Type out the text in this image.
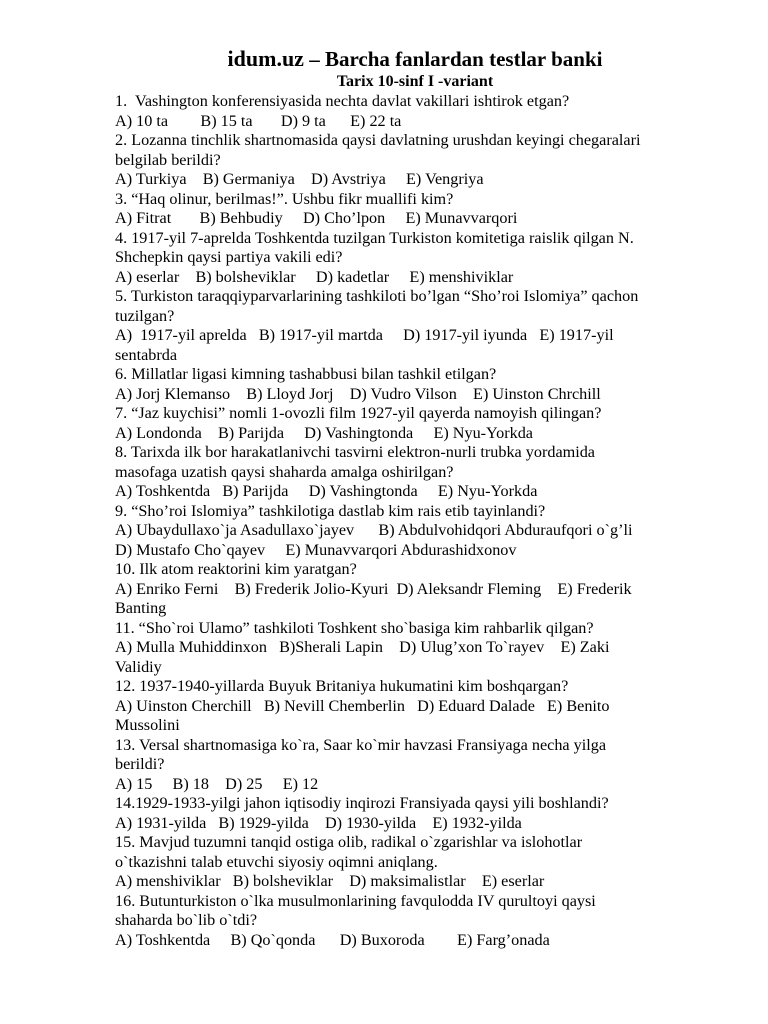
idum.uz – Barcha fanlardan testlar banki
Tarix 10-sinf I -variant
1.  Vashington konferensiyasida nechta davlat vakillari ishtirok etgan?
A) 10 ta        B) 15 ta       D) 9 ta      E) 22 ta
2. Lozanna tinchlik shartnomasida qaysi davlatning urushdan keyingi chegaralari
belgilab berildi?
A) Turkiya    B) Germaniya    D) Avstriya     E) Vengriya
3. “Haq olinur, berilmas!”. Ushbu fikr muallifi kim?
A) Fitrat       B) Behbudiy     D) Cho’lpon     E) Munavvarqori
4. 1917-yil 7-aprelda Toshkentda tuzilgan Turkiston komitetiga raislik qilgan N.
Shchepkin qaysi partiya vakili edi?
A) eserlar    B) bolsheviklar     D) kadetlar     E) menshiviklar
5. Turkiston taraqqiyparvarlarining tashkiloti bo’lgan “Sho’roi Islomiya” qachon
tuzilgan?
A)  1917-yil aprelda   B) 1917-yil martda     D) 1917-yil iyunda   E) 1917-yil
sentabrda
6. Millatlar ligasi kimning tashabbusi bilan tashkil etilgan?
A) Jorj Klemanso    B) Lloyd Jorj    D) Vudro Vilson    E) Uinston Chrchill
7. “Jaz kuychisi” nomli 1-ovozli film 1927-yil qayerda namoyish qilingan?
A) Londonda    B) Parijda     D) Vashingtonda     E) Nyu-Yorkda
8. Tarixda ilk bor harakatlanivchi tasvirni elektron-nurli trubka yordamida
masofaga uzatish qaysi shaharda amalga oshirilgan?
A) Toshkentda   B) Parijda     D) Vashingtonda     E) Nyu-Yorkda
9. “Sho’roi Islomiya” tashkilotiga dastlab kim rais etib tayinlandi?
A) Ubaydullaxo`ja Asadullaxo`jayev      B) Abdulvohidqori Abduraufqori o`g’li
D) Mustafo Cho`qayev     E) Munavvarqori Abdurashidxonov
10. Ilk atom reaktorini kim yaratgan?
A) Enriko Ferni    B) Frederik Jolio-Kyuri  D) Aleksandr Fleming    E) Frederik
Banting
11. “Sho`roi Ulamo” tashkiloti Toshkent sho`basiga kim rahbarlik qilgan?
A) Mulla Muhiddinxon   B)Sherali Lapin    D) Ulug’xon To`rayev    E) Zaki
Validiy
12. 1937-1940-yillarda Buyuk Britaniya hukumatini kim boshqargan?
A) Uinston Cherchill   B) Nevill Chemberlin   D) Eduard Dalade   E) Benito
Mussolini
13. Versal shartnomasiga ko`ra, Saar ko`mir havzasi Fransiyaga necha yilga
berildi?
A) 15     B) 18    D) 25     E) 12
14.1929-1933-yilgi jahon iqtisodiy inqirozi Fransiyada qaysi yili boshlandi?
A) 1931-yilda   B) 1929-yilda    D) 1930-yilda    E) 1932-yilda
15. Mavjud tuzumni tanqid ostiga olib, radikal o`zgarishlar va islohotlar
o`tkazishni talab etuvchi siyosiy oqimni aniqlang.
A) menshiviklar   B) bolsheviklar    D) maksimalistlar    E) eserlar
16. Butunturkiston o`lka musulmonlarining favqulodda IV qurultoyi qaysi
shaharda bo`lib o`tdi?
A) Toshkentda     B) Qo`qonda      D) Buxoroda        E) Farg’onada
